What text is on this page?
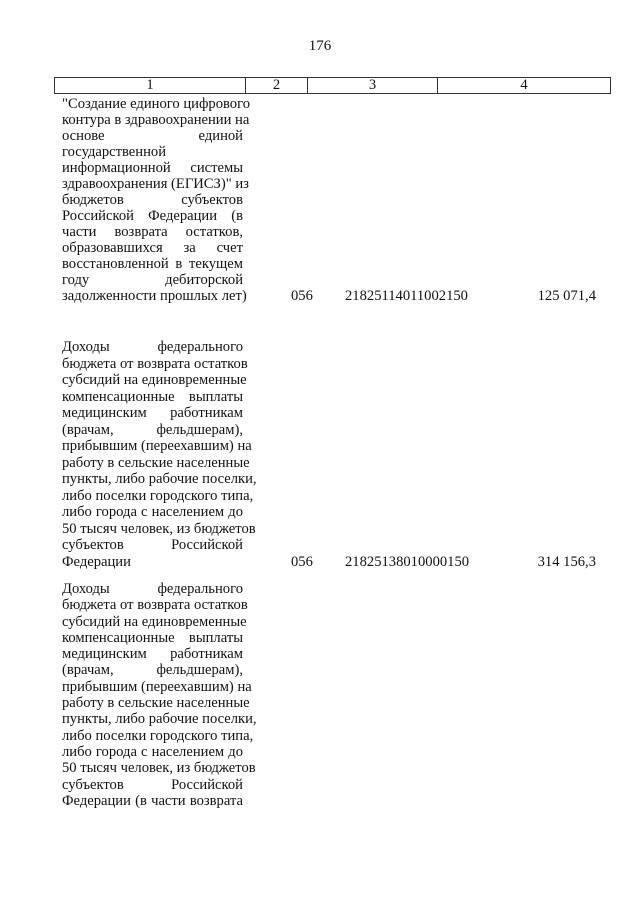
176
1	2	3	4
"Создание единого цифрового
контура в здравоохранении на
основе единой
государственной
информационной системы
здравоохранения (ЕГИСЗ)" из
бюджетов субъектов
Российской Федерации (в
части возврата остатков,
образовавшихся за счет
восстановленной в текущем
году дебиторской
задолженности прошлых лет)	056 21825114011002150	125 071,4
Доходы федерального
бюджета от возврата остатков
субсидий на единовременные
компенсационные выплаты
медицинским работникам
(врачам, фельдшерам),
прибывшим (переехавшим) на
работу в сельские населенные
пункты, либо рабочие поселки,
либо поселки городского типа,
либо города с населением до
50 тысяч человек, из бюджетов
субъектов Российской
Федерации	056 21825138010000150	314 156,3
Доходы федерального
бюджета от возврата остатков
субсидий на единовременные
компенсационные выплаты
медицинским работникам
(врачам, фельдшерам),
прибывшим (переехавшим) на
работу в сельские населенные
пункты, либо рабочие поселки,
либо поселки городского типа,
либо города с населением до
50 тысяч человек, из бюджетов
субъектов Российской
Федерации (в части возврата
